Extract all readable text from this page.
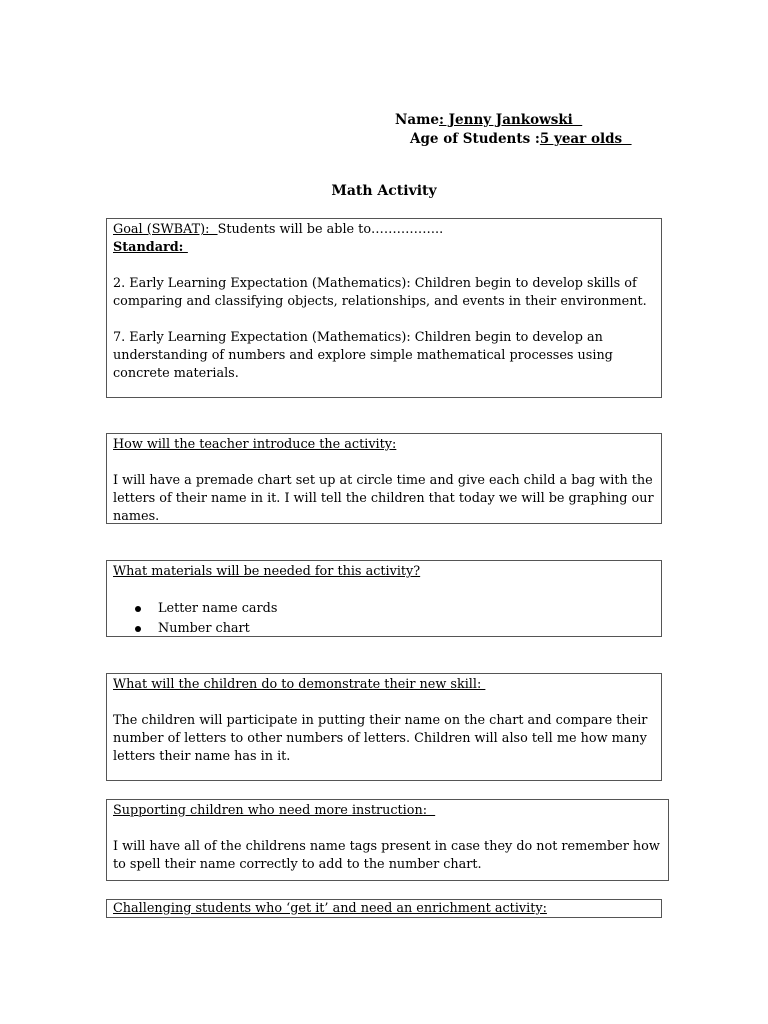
Name: Jenny Jankowski
Age of Students :5 year olds
Math Activity

Goal (SWBAT):  Students will be able to……………..

Standard:

2. Early Learning Expectation (Mathematics): Children begin to develop skills of comparing and classifying objects, relationships, and events in their environment.

7. Early Learning Expectation (Mathematics): Children begin to develop an understanding of numbers and explore simple mathematical processes using concrete materials.

How will the teacher introduce the activity:

I will have a premade chart set up at circle time and give each child a bag with the letters of their name in it. I will tell the children that today we will be graphing our names.

What materials will be needed for this activity?

Letter name cards
Number chart

What will the children do to demonstrate their new skill:

The children will participate in putting their name on the chart and compare their number of letters to other numbers of letters. Children will also tell me how many letters their name has in it.

Supporting children who need more instruction:

I will have all of the childrens name tags present in case they do not remember how to spell their name correctly to add to the number chart.

Challenging students who ‘get it’ and need an enrichment activity:
